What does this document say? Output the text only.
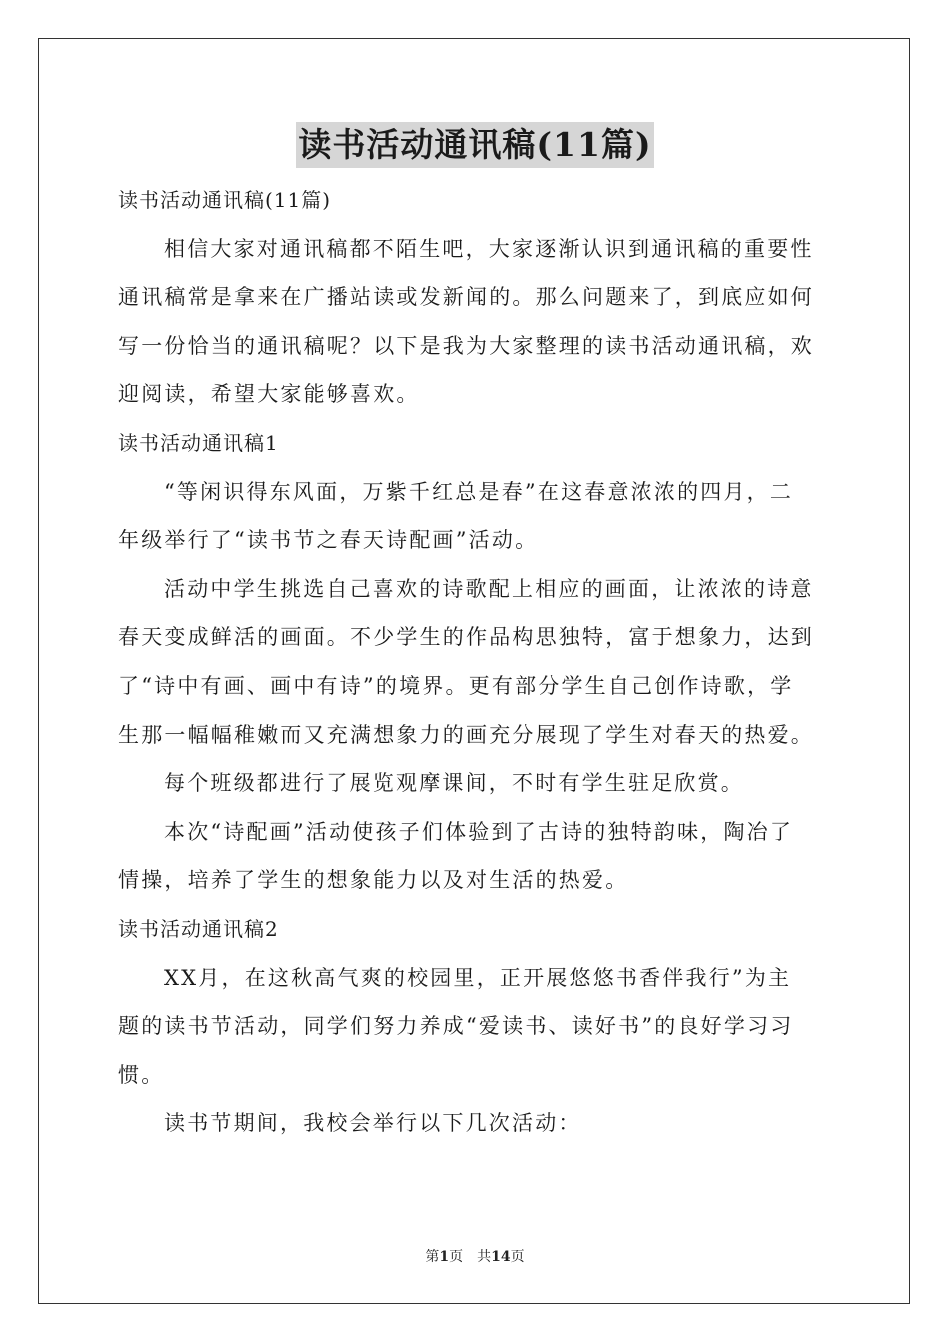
读书活动通讯稿(11篇)
读书活动通讯稿(11篇)
相信大家对通讯稿都不陌生吧，大家逐渐认识到通讯稿的重要性
通讯稿常是拿来在广播站读或发新闻的。那么问题来了，到底应如何
写一份恰当的通讯稿呢？以下是我为大家整理的读书活动通讯稿，欢
迎阅读，希望大家能够喜欢。
读书活动通讯稿1
“等闲识得东风面，万紫千红总是春”在这春意浓浓的四月，二
年级举行了“读书节之春天诗配画”活动。
活动中学生挑选自己喜欢的诗歌配上相应的画面，让浓浓的诗意
春天变成鲜活的画面。不少学生的作品构思独特，富于想象力，达到
了“诗中有画、画中有诗”的境界。更有部分学生自己创作诗歌，学
生那一幅幅稚嫩而又充满想象力的画充分展现了学生对春天的热爱。
每个班级都进行了展览观摩课间，不时有学生驻足欣赏。
本次“诗配画”活动使孩子们体验到了古诗的独特韵味，陶冶了
情操，培养了学生的想象能力以及对生活的热爱。
读书活动通讯稿2
XX月，在这秋高气爽的校园里，正开展悠悠书香伴我行”为主
题的读书节活动，同学们努力养成“爱读书、读好书”的良好学习习
惯。
读书节期间，我校会举行以下几次活动：
第1页　共14页
